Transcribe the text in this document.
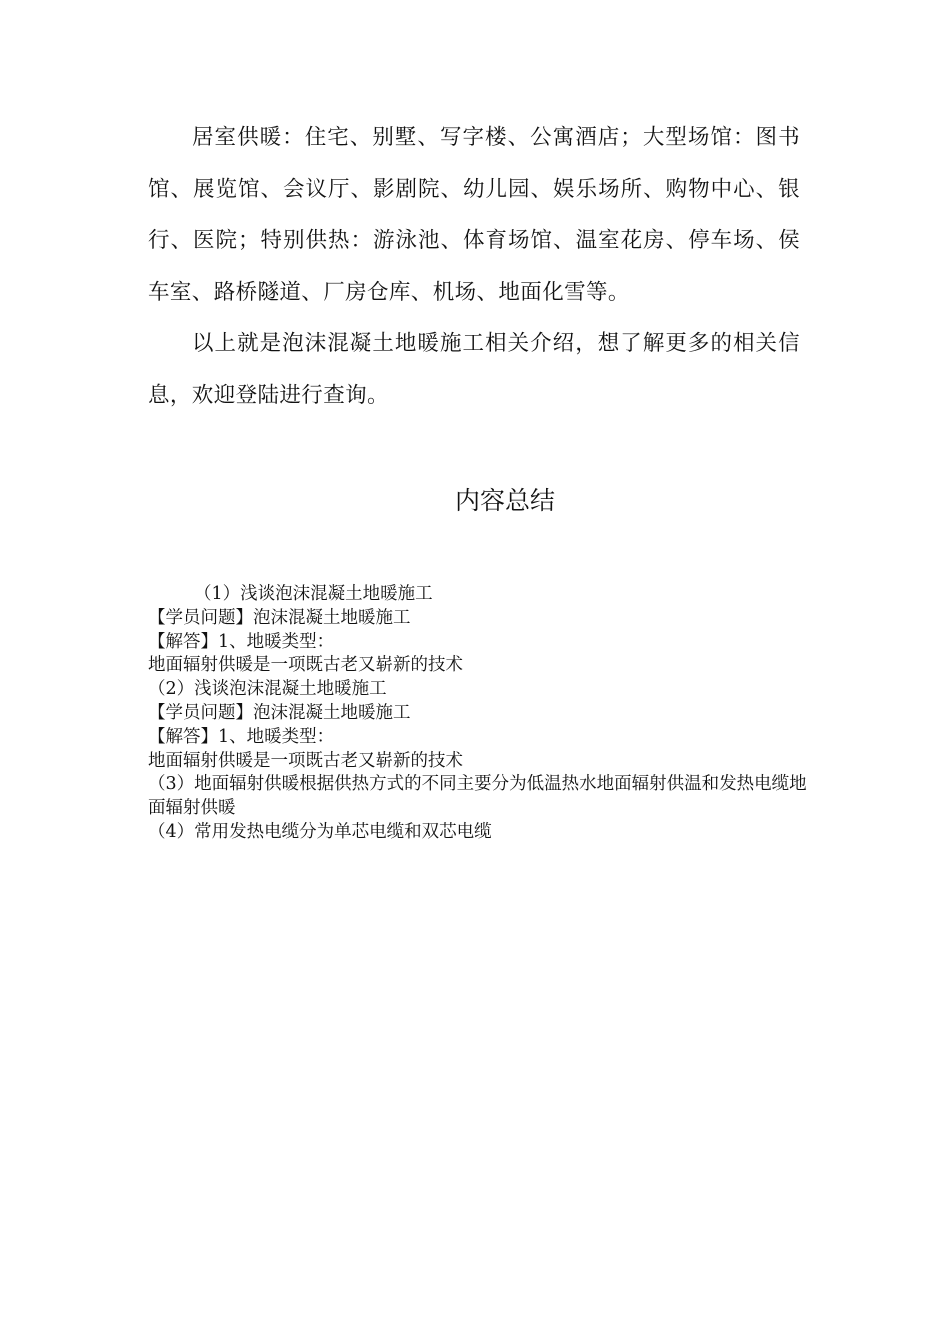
居室供暖：住宅、别墅、写字楼、公寓酒店；大型场馆：图书馆、展览馆、会议厅、影剧院、幼儿园、娱乐场所、购物中心、银行、医院；特别供热：游泳池、体育场馆、温室花房、停车场、侯车室、路桥隧道、厂房仓库、机场、地面化雪等。

以上就是泡沫混凝土地暖施工相关介绍，想了解更多的相关信息，欢迎登陆进行查询。

内容总结
（1）浅谈泡沫混凝土地暖施工
【学员问题】泡沫混凝土地暖施工
【解答】1、地暖类型：
地面辐射供暖是一项既古老又崭新的技术
（2）浅谈泡沫混凝土地暖施工
【学员问题】泡沫混凝土地暖施工
【解答】1、地暖类型：
地面辐射供暖是一项既古老又崭新的技术
（3）地面辐射供暖根据供热方式的不同主要分为低温热水地面辐射供温和发热电缆地面辐射供暖
（4）常用发热电缆分为单芯电缆和双芯电缆
